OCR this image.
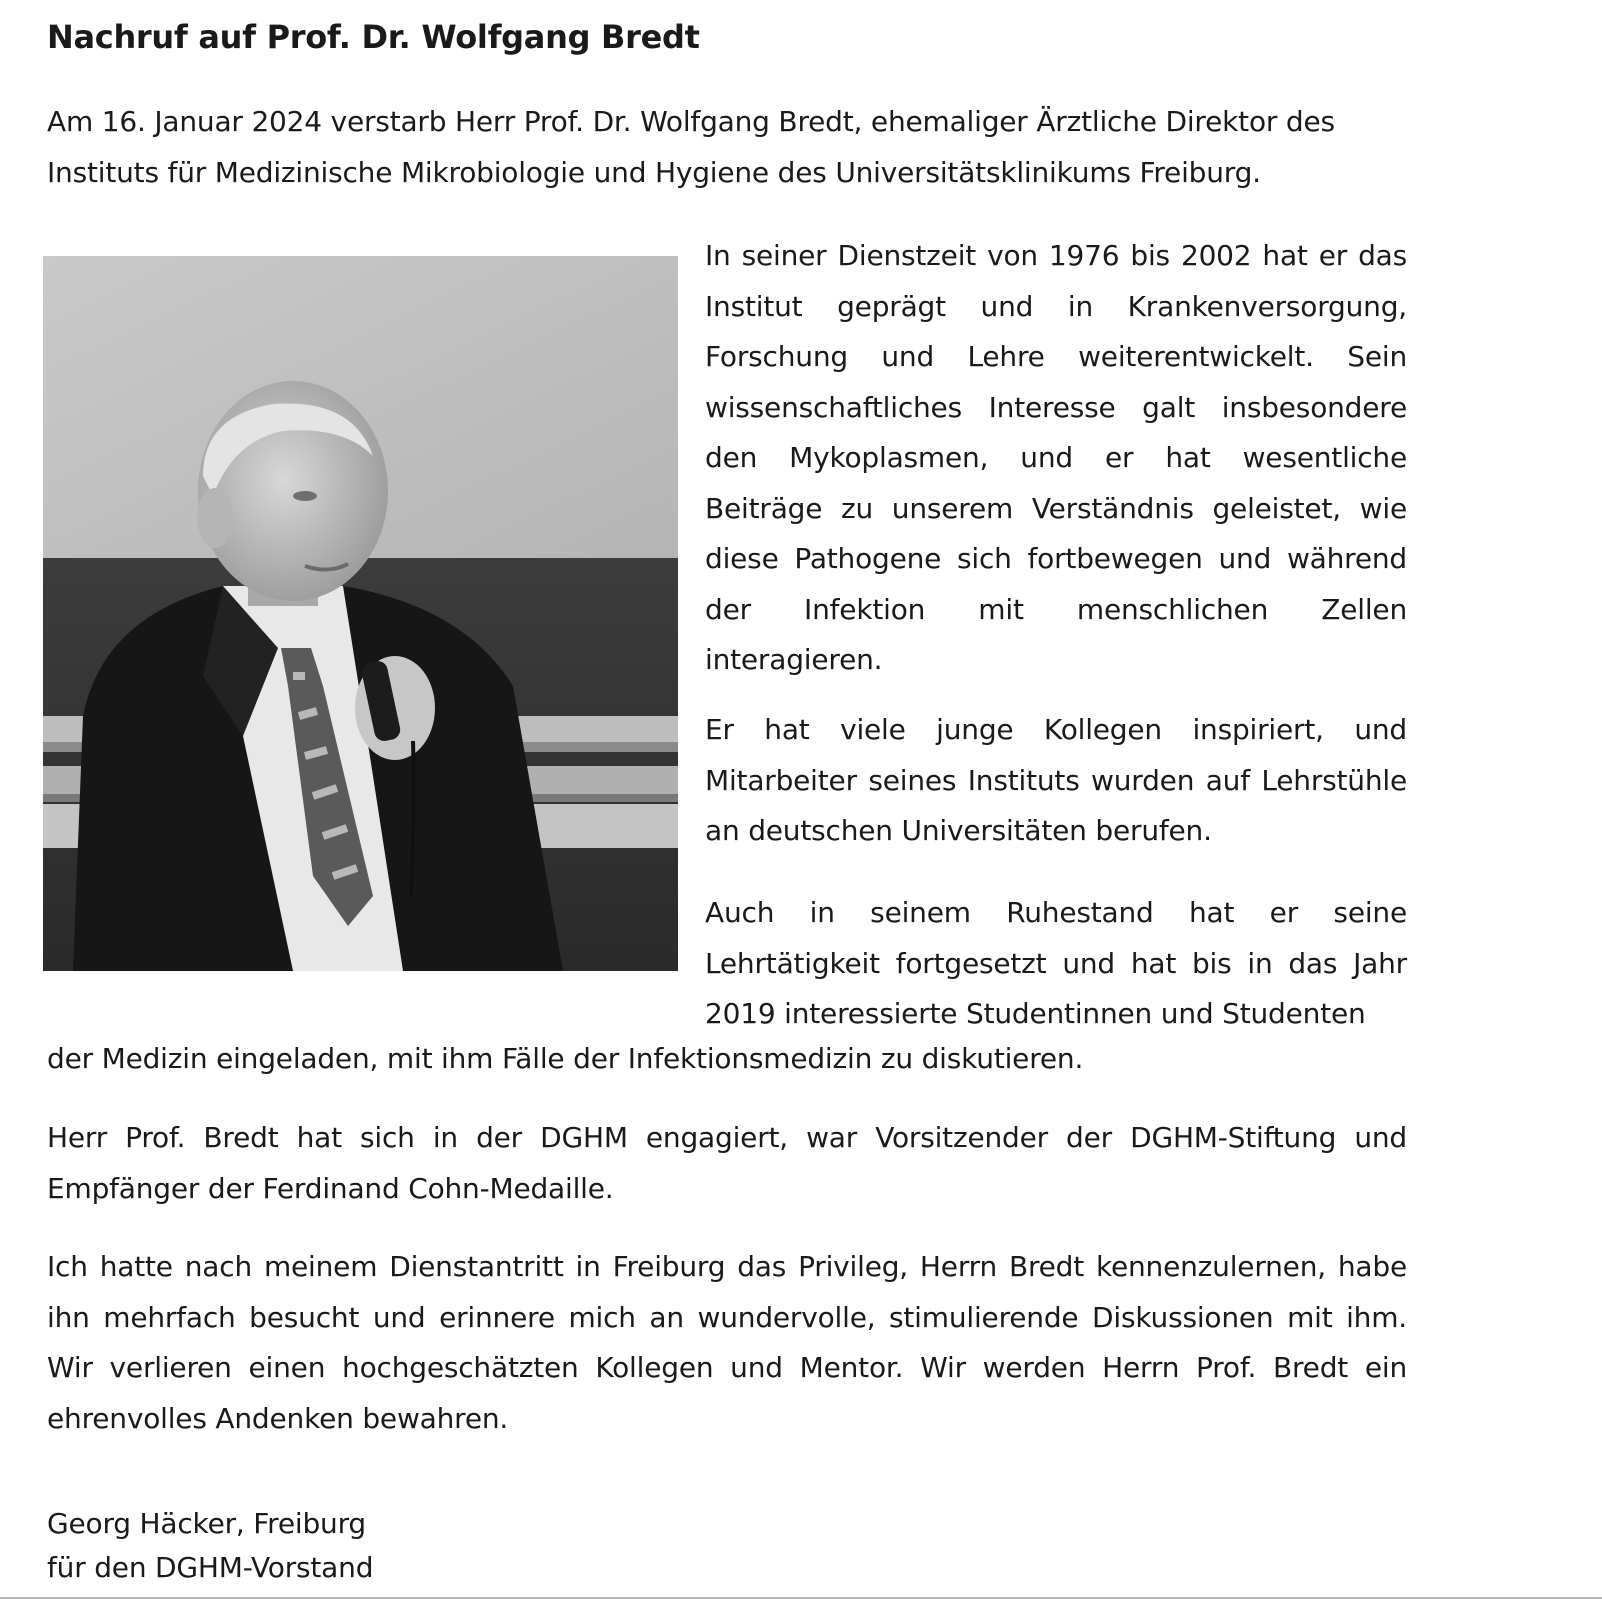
Nachruf auf Prof. Dr. Wolfgang Bredt

Am 16. Januar 2024 verstarb Herr Prof. Dr. Wolfgang Bredt, ehemaliger Ärztliche Direktor des
Instituts für Medizinische Mikrobiologie und Hygiene des Universitätsklinikums Freiburg.

In seiner Dienstzeit von 1976 bis 2002 hat er das Institut geprägt und in Krankenversorgung, Forschung und Lehre weiterentwickelt. Sein wissenschaftliches Interesse galt insbesondere den Mykoplasmen, und er hat wesentliche Beiträge zu unserem Verständnis geleistet, wie diese Pathogene sich fortbewegen und während der Infektion mit menschlichen Zellen interagieren.

Er hat viele junge Kollegen inspiriert, und Mitarbeiter seines Instituts wurden auf Lehrstühle an deutschen Universitäten berufen.

Auch in seinem Ruhestand hat er seine Lehrtätigkeit fortgesetzt und hat bis in das Jahr 2019 interessierte Studentinnen und Studenten

der Medizin eingeladen, mit ihm Fälle der Infektionsmedizin zu diskutieren.

Herr Prof. Bredt hat sich in der DGHM engagiert, war Vorsitzender der DGHM-Stiftung und Empfänger der Ferdinand Cohn-Medaille.

Ich hatte nach meinem Dienstantritt in Freiburg das Privileg, Herrn Bredt kennenzulernen, habe ihn mehrfach besucht und erinnere mich an wundervolle, stimulierende Diskussionen mit ihm. Wir verlieren einen hochgeschätzten Kollegen und Mentor. Wir werden Herrn Prof. Bredt ein ehrenvolles Andenken bewahren.

Georg Häcker, Freiburg

für den DGHM-Vorstand
